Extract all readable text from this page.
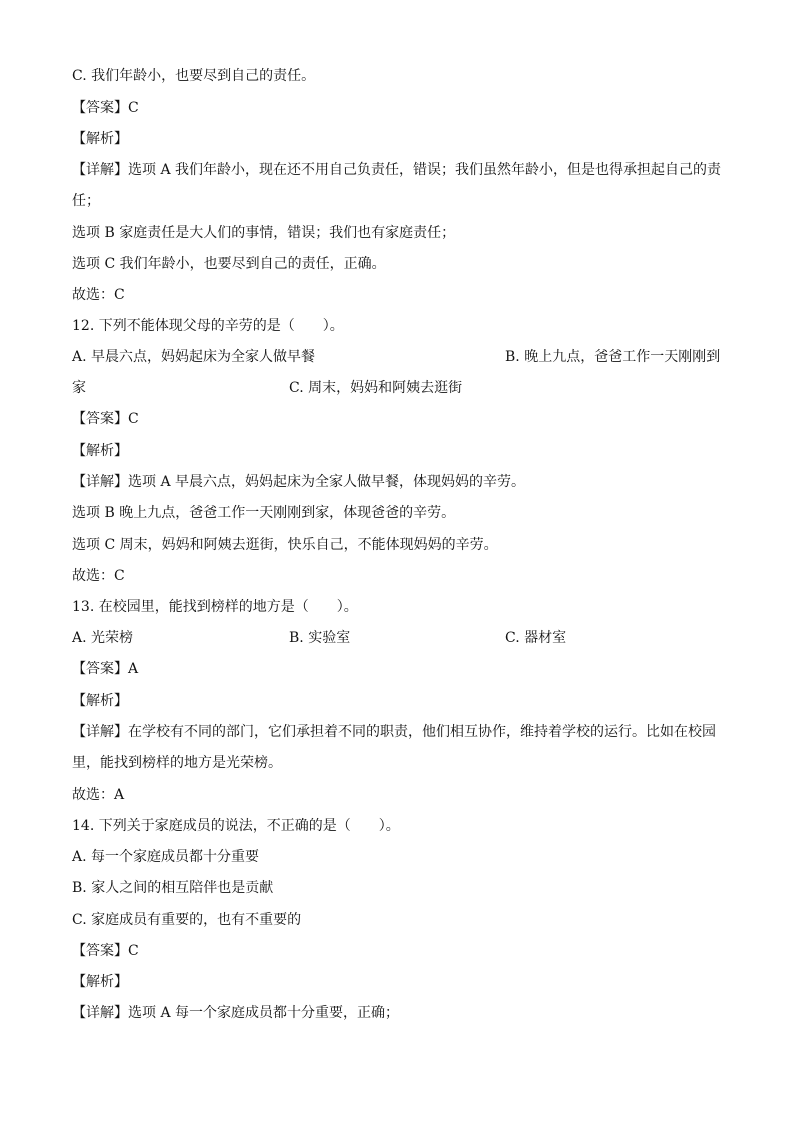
C. 我们年龄小，也要尽到自己的责任。
【答案】C
【解析】
【详解】选项 A 我们年龄小，现在还不用自己负责任，错误；我们虽然年龄小，但是也得承担起自己的责
任；
选项 B 家庭责任是大人们的事情，错误；我们也有家庭责任；
选项 C 我们年龄小，也要尽到自己的责任，正确。
故选：C
12. 下列不能体现父母的辛劳的是（　　）。
A. 早晨六点，妈妈起床为全家人做早餐	B. 晚上九点，爸爸工作一天刚刚到
家	C. 周末，妈妈和阿姨去逛街
【答案】C
【解析】
【详解】选项 A 早晨六点，妈妈起床为全家人做早餐，体现妈妈的辛劳。
选项 B 晚上九点，爸爸工作一天刚刚到家，体现爸爸的辛劳。
选项 C 周末，妈妈和阿姨去逛街，快乐自己，不能体现妈妈的辛劳。
故选：C
13. 在校园里，能找到榜样的地方是（　　）。
A. 光荣榜	B. 实验室	C. 器材室
【答案】A
【解析】
【详解】在学校有不同的部门，它们承担着不同的职责，他们相互协作，维持着学校的运行。比如在校园
里，能找到榜样的地方是光荣榜。
故选：A
14. 下列关于家庭成员的说法，不正确的是（　　）。
A. 每一个家庭成员都十分重要
B. 家人之间的相互陪伴也是贡献
C. 家庭成员有重要的，也有不重要的
【答案】C
【解析】
【详解】选项 A 每一个家庭成员都十分重要，正确；
